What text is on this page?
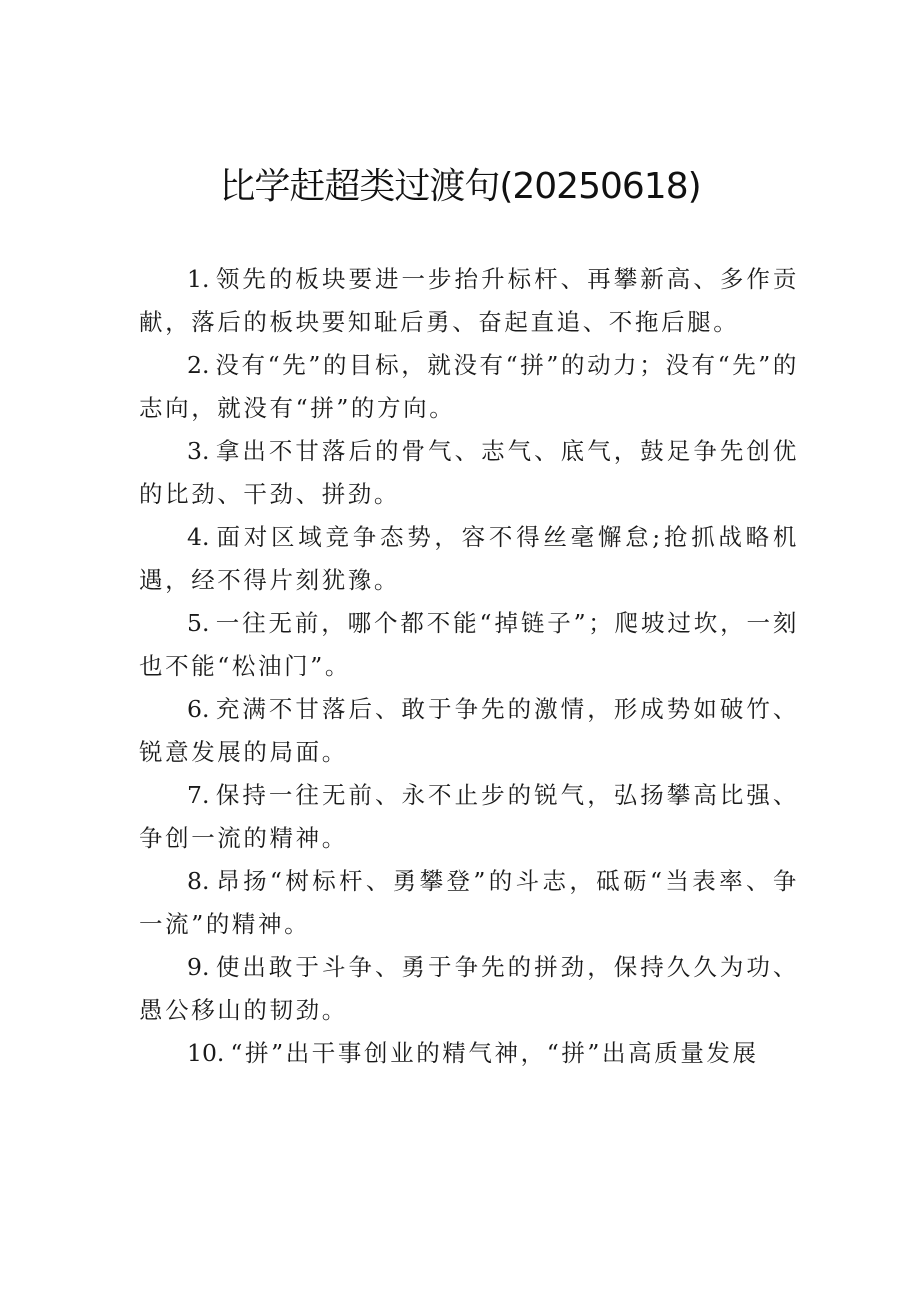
比学赶超类过渡句(20250618)

1. 领先的板块要进一步抬升标杆、再攀新高、多作贡献，落后的板块要知耻后勇、奋起直追、不拖后腿。

2. 没有“先”的目标，就没有“拼”的动力；没有“先”的志向，就没有“拼”的方向。

3. 拿出不甘落后的骨气、志气、底气，鼓足争先创优的比劲、干劲、拼劲。

4. 面对区域竞争态势，容不得丝毫懈怠;抢抓战略机遇，经不得片刻犹豫。

5. 一往无前，哪个都不能“掉链子”；爬坡过坎，一刻也不能“松油门”。

6. 充满不甘落后、敢于争先的激情，形成势如破竹、锐意发展的局面。

7. 保持一往无前、永不止步的锐气，弘扬攀高比强、争创一流的精神。

8. 昂扬“树标杆、勇攀登”的斗志，砥砺“当表率、争一流”的精神。

9. 使出敢于斗争、勇于争先的拼劲，保持久久为功、愚公移山的韧劲。

10. “拼”出干事创业的精气神，“拼”出高质量发展
